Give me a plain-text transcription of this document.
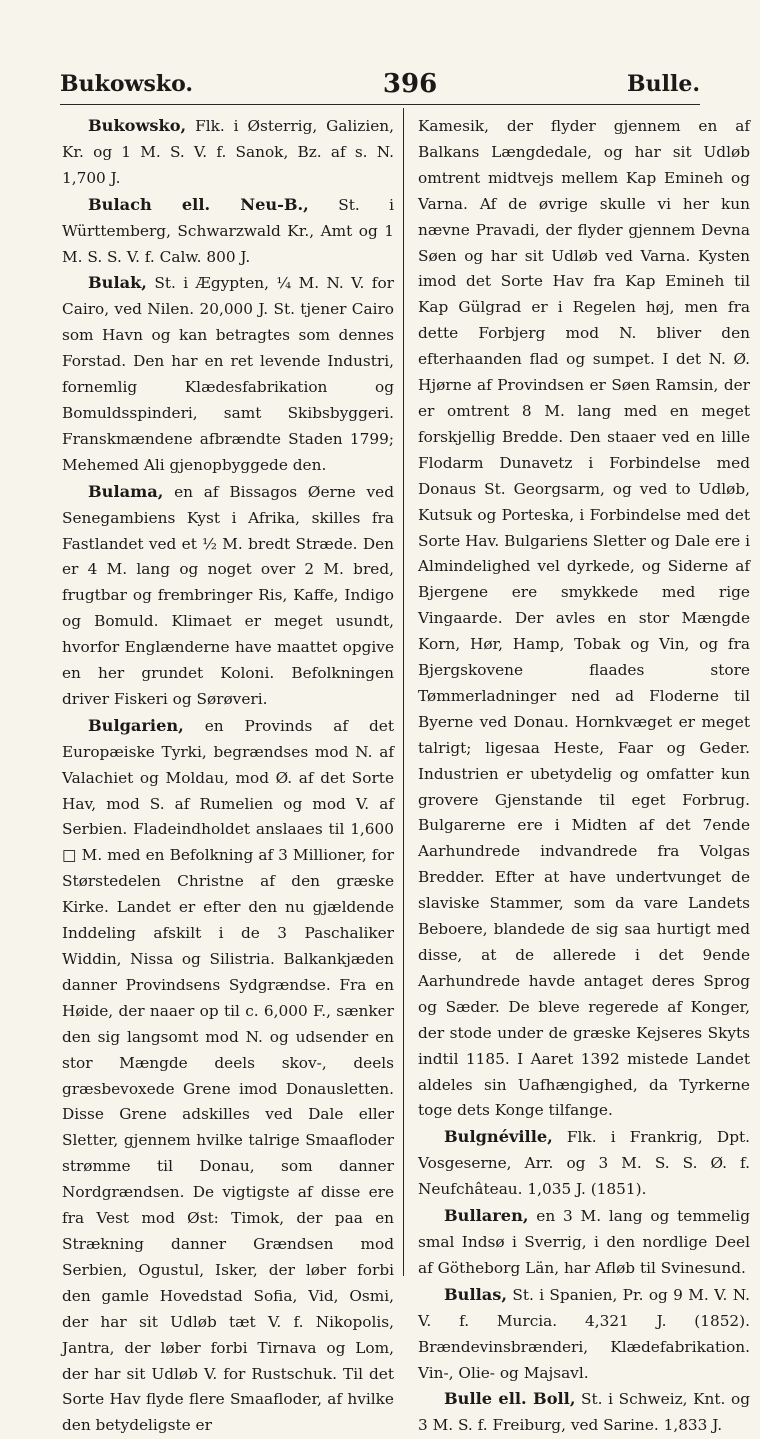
Bukowsko.	396	Bulle.

Bukowsko, Flk. i Østerrig, Galizien, Kr. og 1 M. S. V. f. Sanok, Bz. af s. N. 1,700 J.

Bulach ell. Neu-B., St. i Württemberg, Schwarzwald Kr., Amt og 1 M. S. S. V. f. Calw. 800 J.

Bulak, St. i Ægypten, ¼ M. N. V. for Cairo, ved Nilen. 20,000 J. St. tjener Cairo som Havn og kan betragtes som dennes Forstad. Den har en ret levende Industri, fornemlig Klædesfabrikation og Bomuldsspinderi, samt Skibsbyggeri. Franskmændene afbrændte Staden 1799; Mehemed Ali gjenopbyggede den.

Bulama, en af Bissagos Øerne ved Senegambiens Kyst i Afrika, skilles fra Fastlandet ved et ½ M. bredt Stræde. Den er 4 M. lang og noget over 2 M. bred, frugtbar og frembringer Ris, Kaffe, Indigo og Bomuld. Klimaet er meget usundt, hvorfor Englænderne have maattet opgive en her grundet Koloni. Befolkningen driver Fiskeri og Sørøveri.

Bulgarien, en Provinds af det Europæiske Tyrki, begrændses mod N. af Valachiet og Moldau, mod Ø. af det Sorte Hav, mod S. af Rumelien og mod V. af Serbien. Fladeindholdet anslaaes til 1,600 □ M. med en Befolkning af 3 Millioner, for Størstedelen Christne af den græske Kirke. Landet er efter den nu gjældende Inddeling afskilt i de 3 Paschaliker Widdin, Nissa og Silistria. Balkankjæden danner Provindsens Sydgrændse. Fra en Høide, der naaer op til c. 6,000 F., sænker den sig langsomt mod N. og udsender en stor Mængde deels skov-, deels græsbevoxede Grene imod Donausletten. Disse Grene adskilles ved Dale eller Sletter, gjennem hvilke talrige Smaafloder strømme til Donau, som danner Nordgrændsen. De vigtigste af disse ere fra Vest mod Øst: Timok, der paa en Strækning danner Grændsen mod Serbien, Ogustul, Isker, der løber forbi den gamle Hovedstad Sofia, Vid, Osmi, der har sit Udløb tæt V. f. Nikopolis, Jantra, der løber forbi Tirnava og Lom, der har sit Udløb V. for Rustschuk. Til det Sorte Hav flyde flere Smaafloder, af hvilke den betydeligste er

Kamesik, der flyder gjennem en af Balkans Længdedale, og har sit Udløb omtrent midtvejs mellem Kap Emineh og Varna. Af de øvrige skulle vi her kun nævne Pravadi, der flyder gjennem Devna Søen og har sit Udløb ved Varna. Kysten imod det Sorte Hav fra Kap Emineh til Kap Gülgrad er i Regelen høj, men fra dette Forbjerg mod N. bliver den efterhaanden flad og sumpet. I det N. Ø. Hjørne af Provindsen er Søen Ramsin, der er omtrent 8 M. lang med en meget forskjellig Bredde. Den staaer ved en lille Flodarm Dunavetz i Forbindelse med Donaus St. Georgsarm, og ved to Udløb, Kutsuk og Porteska, i Forbindelse med det Sorte Hav. Bulgariens Sletter og Dale ere i Almindelighed vel dyrkede, og Siderne af Bjergene ere smykkede med rige Vingaarde. Der avles en stor Mængde Korn, Hør, Hamp, Tobak og Vin, og fra Bjergskovene flaades store Tømmerladninger ned ad Floderne til Byerne ved Donau. Hornkvæget er meget talrigt; ligesaa Heste, Faar og Geder. Industrien er ubetydelig og omfatter kun grovere Gjenstande til eget Forbrug. Bulgarerne ere i Midten af det 7ende Aarhundrede indvandrede fra Volgas Bredder. Efter at have undertvunget de slaviske Stammer, som da vare Landets Beboere, blandede de sig saa hurtigt med disse, at de allerede i det 9ende Aarhundrede havde antaget deres Sprog og Sæder. De bleve regerede af Konger, der stode under de græske Kejseres Skyts indtil 1185. I Aaret 1392 mistede Landet aldeles sin Uafhængighed, da Tyrkerne toge dets Konge tilfange.

Bulgnéville, Flk. i Frankrig, Dpt. Vosgeserne, Arr. og 3 M. S. S. Ø. f. Neufchâteau. 1,035 J. (1851).

Bullaren, en 3 M. lang og temmelig smal Indsø i Sverrig, i den nordlige Deel af Götheborg Län, har Afløb til Svinesund.

Bullas, St. i Spanien, Pr. og 9 M. V. N. V. f. Murcia. 4,321 J. (1852). Brændevinsbrænderi, Klædefabrikation. Vin-, Olie- og Majsavl.

Bulle ell. Boll, St. i Schweiz, Knt. og 3 M. S. f. Freiburg, ved Sarine. 1,833 J.
